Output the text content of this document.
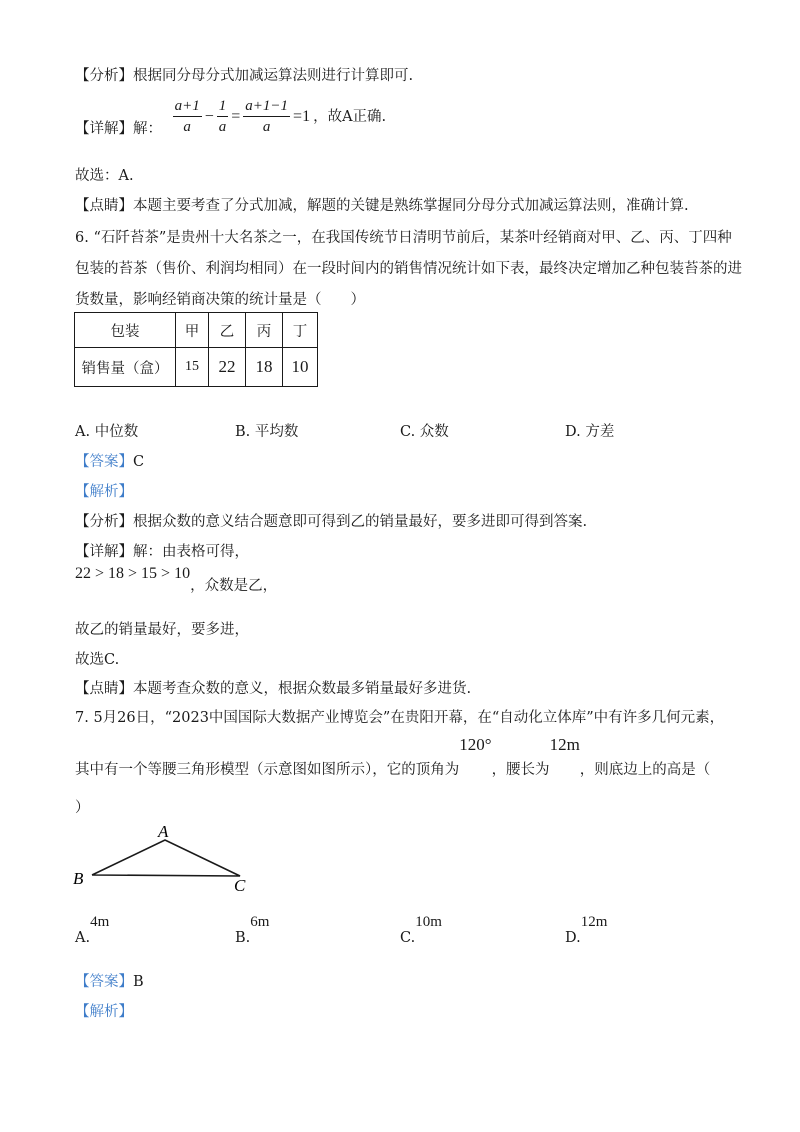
【分析】根据同分母分式加减运算法则进行计算即可.
【详解】解： $\frac{a+1}{a} - \frac{1}{a} = \frac{a+1-1}{a} =1$ ，故A正确.
故选：A.
【点睛】本题主要考查了分式加减，解题的关键是熟练掌握同分母分式加减运算法则，准确计算.
6. “石阡苔茶”是贵州十大名茶之一，在我国传统节日清明节前后，某茶叶经销商对甲、乙、丙、丁四种
包装的苔茶（售价、利润均相同）在一段时间内的销售情况统计如下表，最终决定增加乙种包装苔茶的进
货数量，影响经销商决策的统计量是（　　）
包装	甲	乙	丙	丁
销售量（盒）	15	22	18	10
A. 中位数	B. 平均数	C. 众数	D. 方差
【答案】C
【解析】
【分析】根据众数的意义结合题意即可得到乙的销量最好，要多进即可得到答案.
【详解】解：由表格可得，
22 > 18 > 15 > 10，众数是乙，
故乙的销量最好，要多进，
故选C.
【点睛】本题考查众数的意义，根据众数最多销量最好多进货.
7. 5月26日，“2023中国国际大数据产业博览会”在贵阳开幕，在“自动化立体库”中有许多几何元素，
其中有一个等腰三角形模型（示意图如图所示），它的顶角为120°，腰长为12m，则底边上的高是（
）
A
B	C
A.4m
B.6m
C.10m
D.12m
【答案】B
【解析】
